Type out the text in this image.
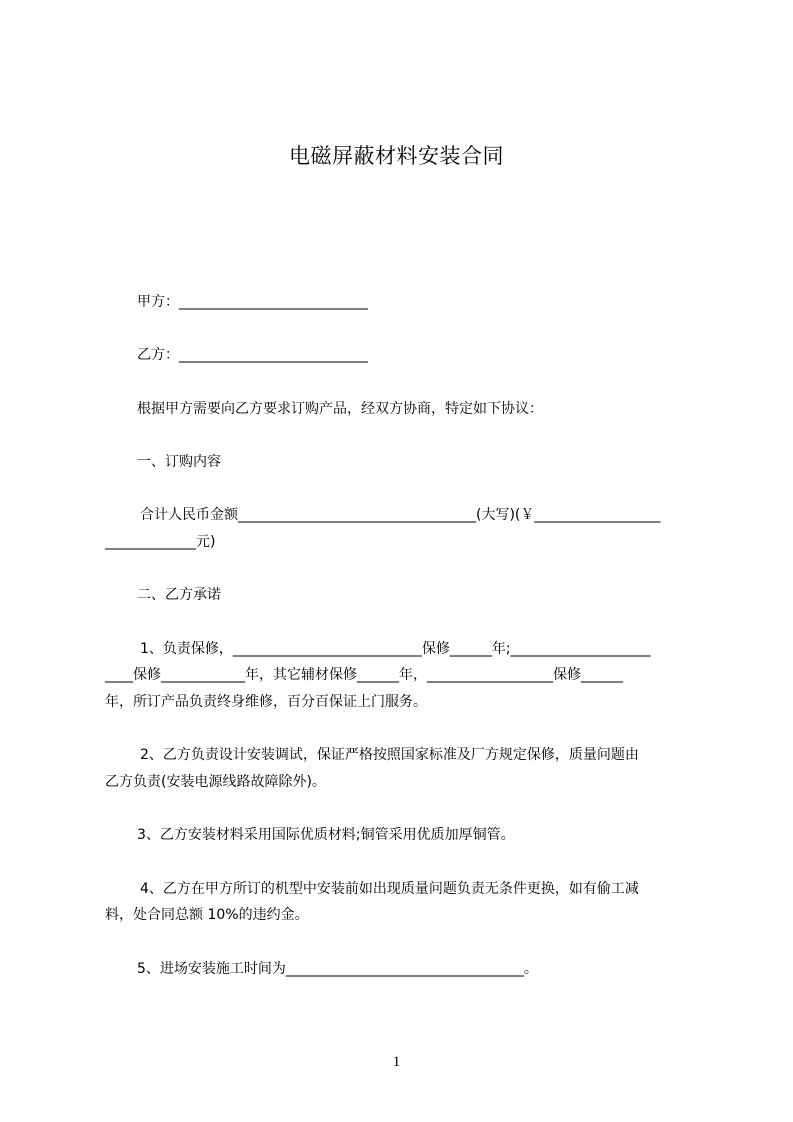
电磁屏蔽材料安装合同
甲方：___________________________
乙方：___________________________
根据甲方需要向乙方要求订购产品，经双方协商，特定如下协议：
一、订购内容
合计人民币金额__________________________________(大写)(￥__________________
_____________元)
二、乙方承诺
1、负责保修，___________________________保修______年;____________________
____保修____________年，其它辅材保修______年，__________________保修______
年，所订产品负责终身维修，百分百保证上门服务。
2、乙方负责设计安装调试，保证严格按照国家标准及厂方规定保修，质量问题由
乙方负责(安装电源线路故障除外)。
3、乙方安装材料采用国际优质材料;铜管采用优质加厚铜管。
4、乙方在甲方所订的机型中安装前如出现质量问题负责无条件更换，如有偷工减
料，处合同总额 10%的违约金。
5、进场安装施工时间为__________________________________。
1
